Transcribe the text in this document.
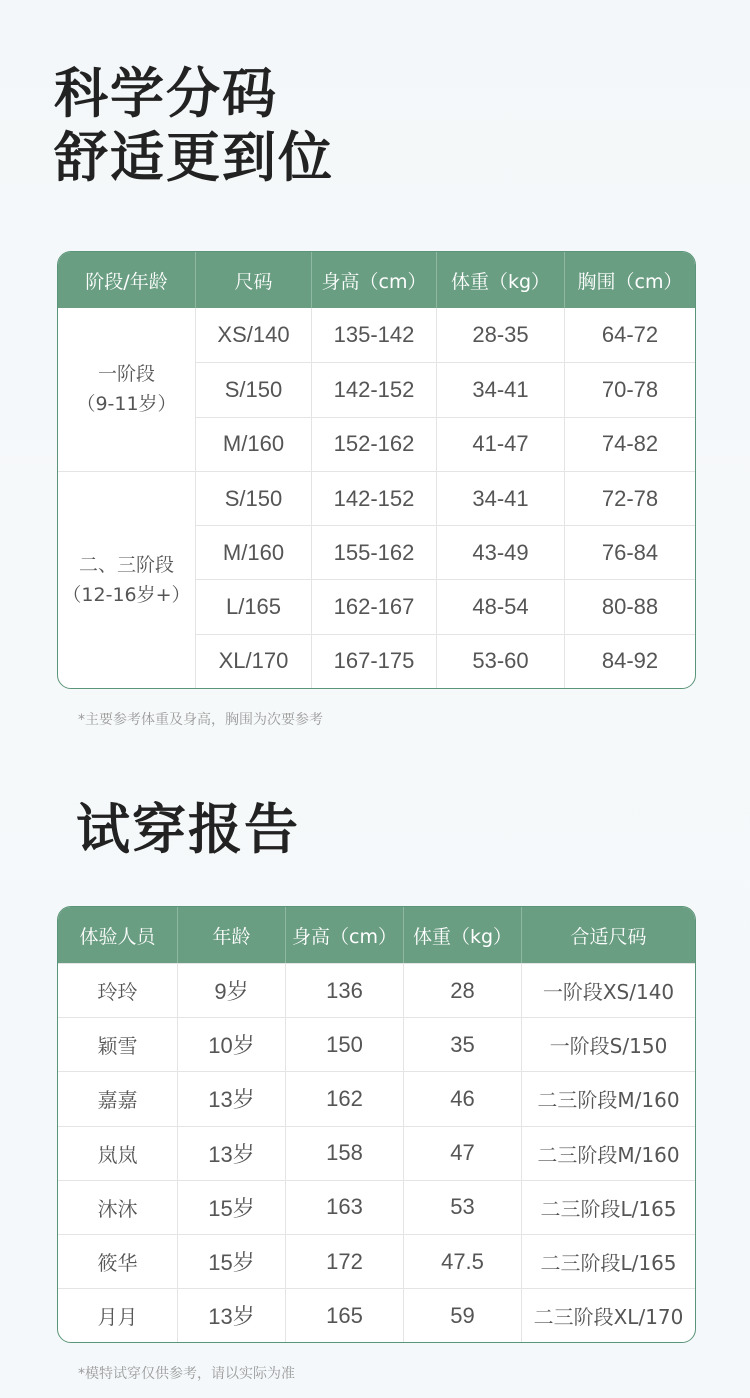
科学分码
舒适更到位
阶段/年龄	尺码	身高（cm）	体重（kg）	胸围（cm）

一阶段
（9-11岁）	XS/140	135-142	28-35	64-72
	S/150	142-152	34-41	70-78
	M/160	152-162	41-47	74-82

二、三阶段
（12-16岁+）	S/150	142-152	34-41	72-78
	M/160	155-162	43-49	76-84
	L/165	162-167	48-54	80-88
	XL/170	167-175	53-60	84-92
*主要参考体重及身高，胸围为次要参考
试穿报告
体验人员	年龄	身高（cm）	体重（kg）	合适尺码
玲玲	9岁	136	28	一阶段XS/140
颖雪	10岁	150	35	一阶段S/150
嘉嘉	13岁	162	46	二三阶段M/160
岚岚	13岁	158	47	二三阶段M/160
沐沐	15岁	163	53	二三阶段L/165
筱华	15岁	172	47.5	二三阶段L/165
月月	13岁	165	59	二三阶段XL/170
*模特试穿仅供参考，请以实际为准
